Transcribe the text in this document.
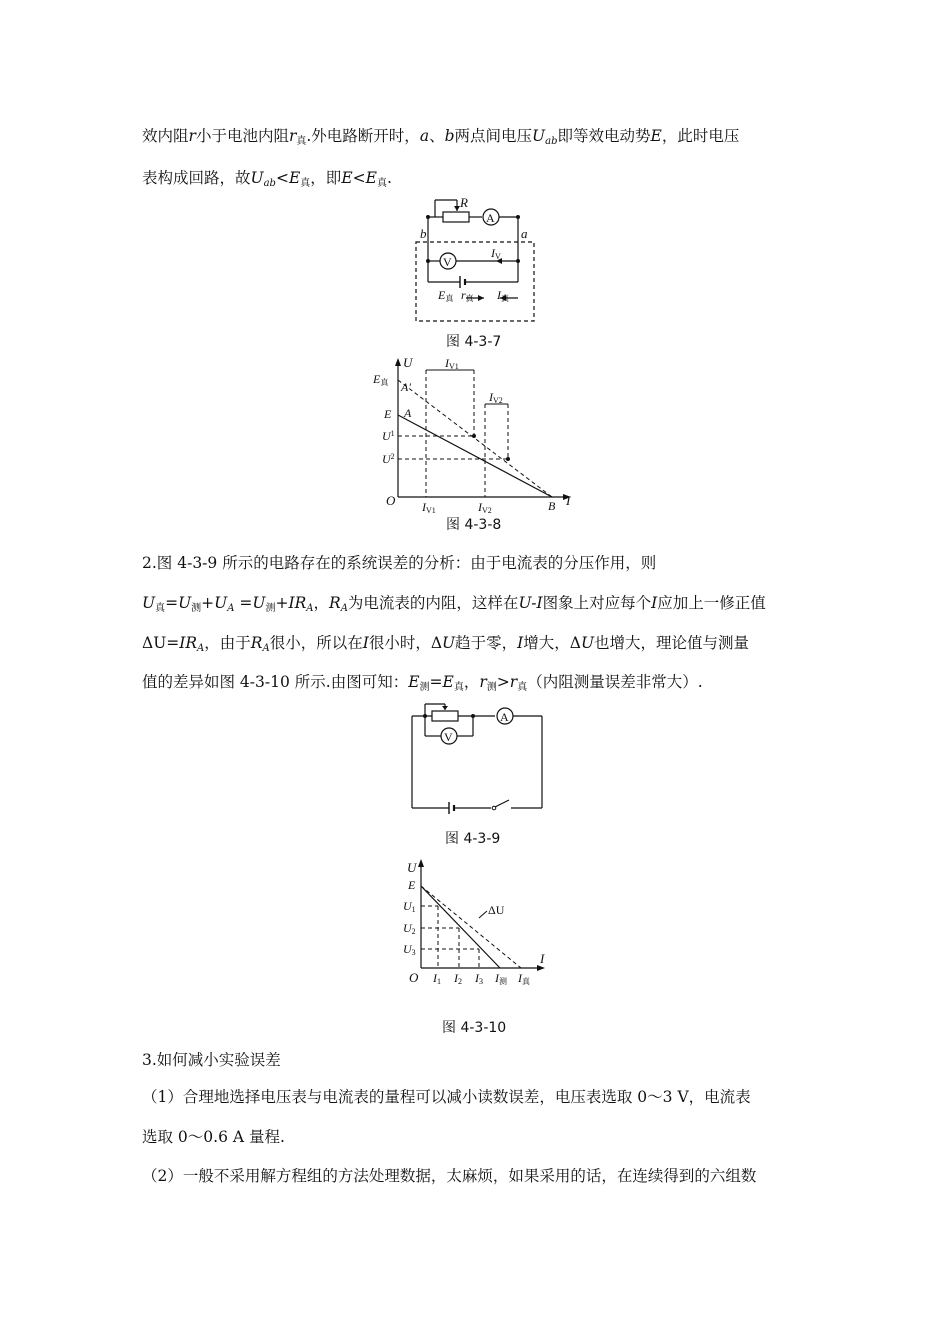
效内阻r小于电池内阻$r_真$.外电路断开时，a、b两点间电压Uab即等效电动势E，此时电压
表构成回路，故$Uab<E_真$，即$E<E_真$.
R
A
V
b	a
IV
E真 r真 I真
图 4-3-7
U
E真 A′
E A
$U^1$
$U^2$
O IV1	IV2	B I
IV1
IV2
图 4-3-8
2.图 4-3-9 所示的电路存在的系统误差的分析：由于电流表的分压作用，则
$U_真=U_测+UA =U_测+IRA$，RA为电流表的内阻，这样在U-I图象上对应每个I应加上一修正值
ΔU=IRA，由于RA很小，所以在I很小时，ΔU趋于零，I增大，ΔU也增大，理论值与测量
值的差异如图 4-3-10 所示.由图可知：$E_测=E_真$，$r_测>r_真$（内阻测量误差非常大）.
A
V
图 4-3-9
U
E
U1
U2
U3
ΔU
O I1 I2 I3 I测 I真
I
图 4-3-10
3.如何减小实验误差
（1）合理地选择电压表与电流表的量程可以减小读数误差，电压表选取 0～3 V，电流表
选取 0～0.6 A 量程.
（2）一般不采用解方程组的方法处理数据，太麻烦，如果采用的话，在连续得到的六组数
